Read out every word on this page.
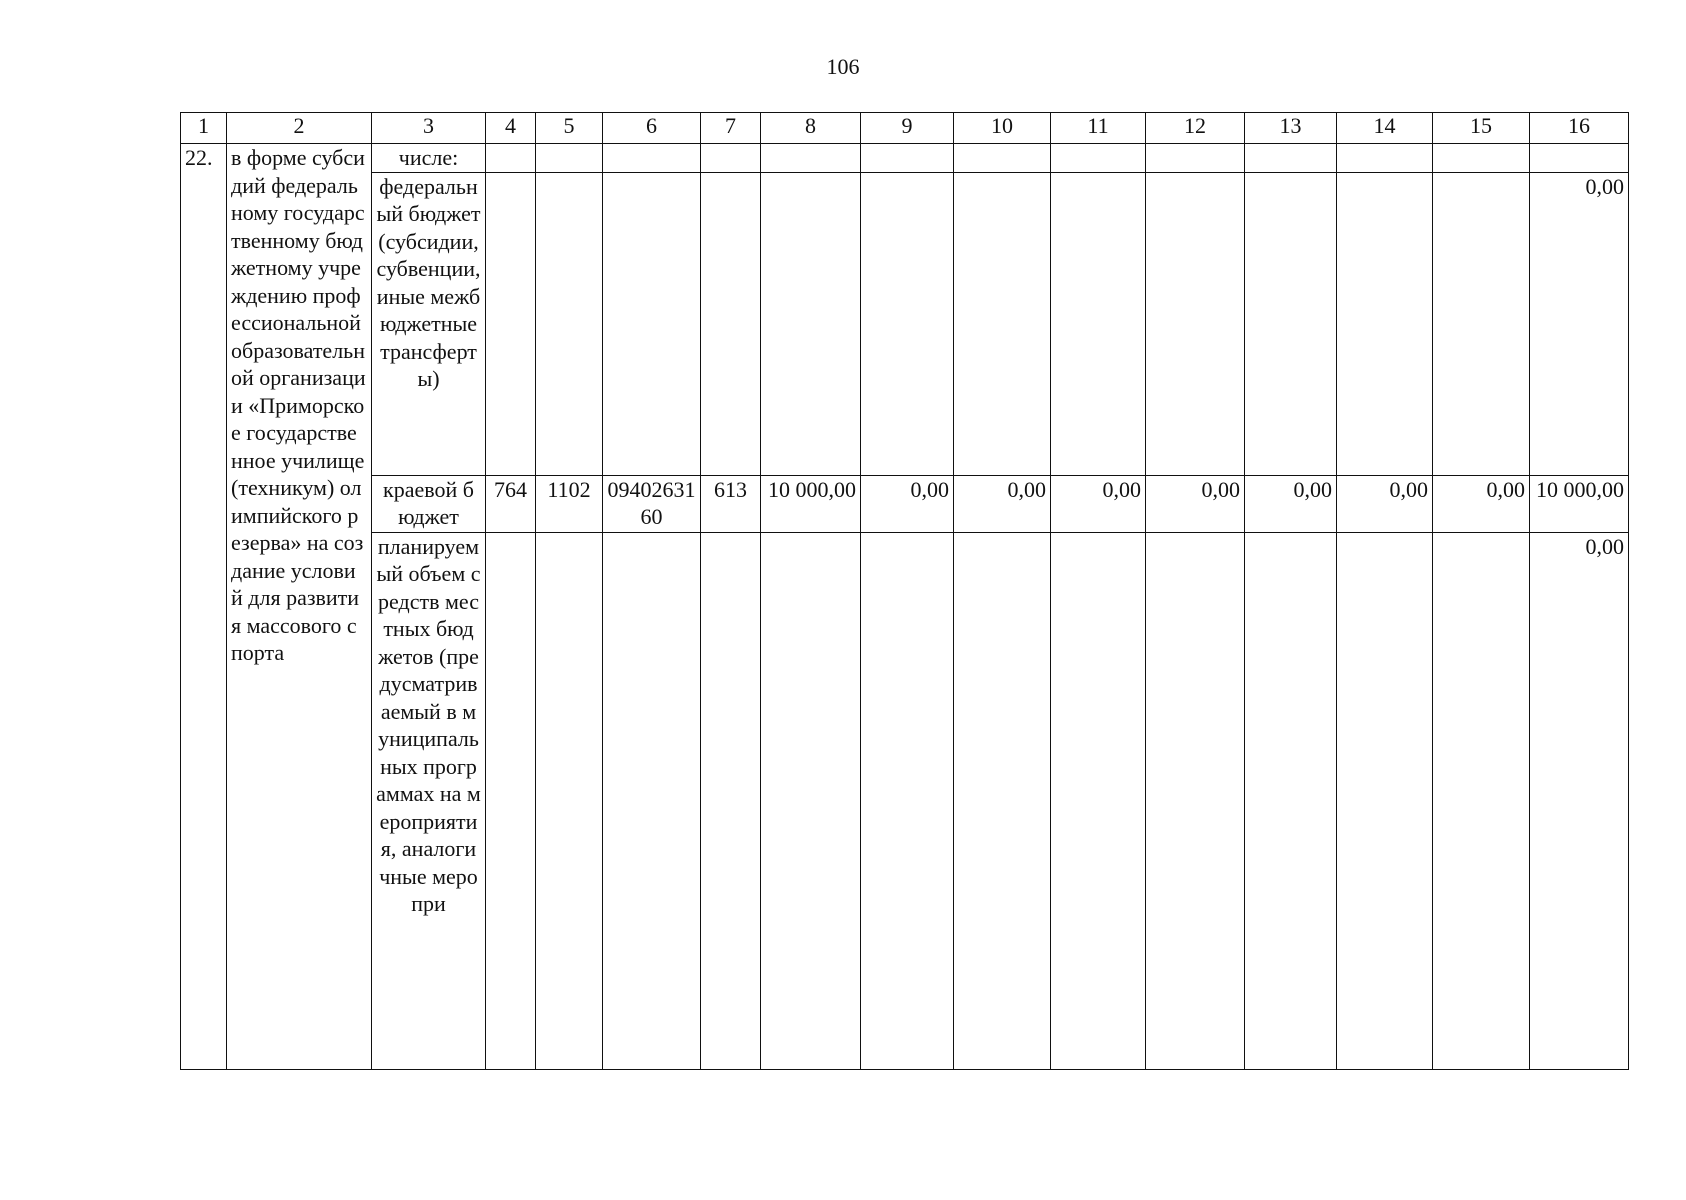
106
1	2	3	4	5	6	7	8	9	10	11	12	13	14	15	16
22.	в форме субсидий федеральному государственному бюджетному учреждению профессиональной образовательной организации «Приморское государственное училище (техникум) олимпийского резерва» на создание условий для развития массового спорта	числе:													
		федеральный бюджет (субсидии, субвенции, иные межбюджетные трансферты)													0,00
		краевой бюджет	764	1102	0940263160	613	10 000,00	0,00	0,00	0,00	0,00	0,00	0,00	0,00	10 000,00
		планируемый объем средств местных бюджетов (предусматриваемый в муниципальных программах на мероприятия, аналогичные меропри													0,00
